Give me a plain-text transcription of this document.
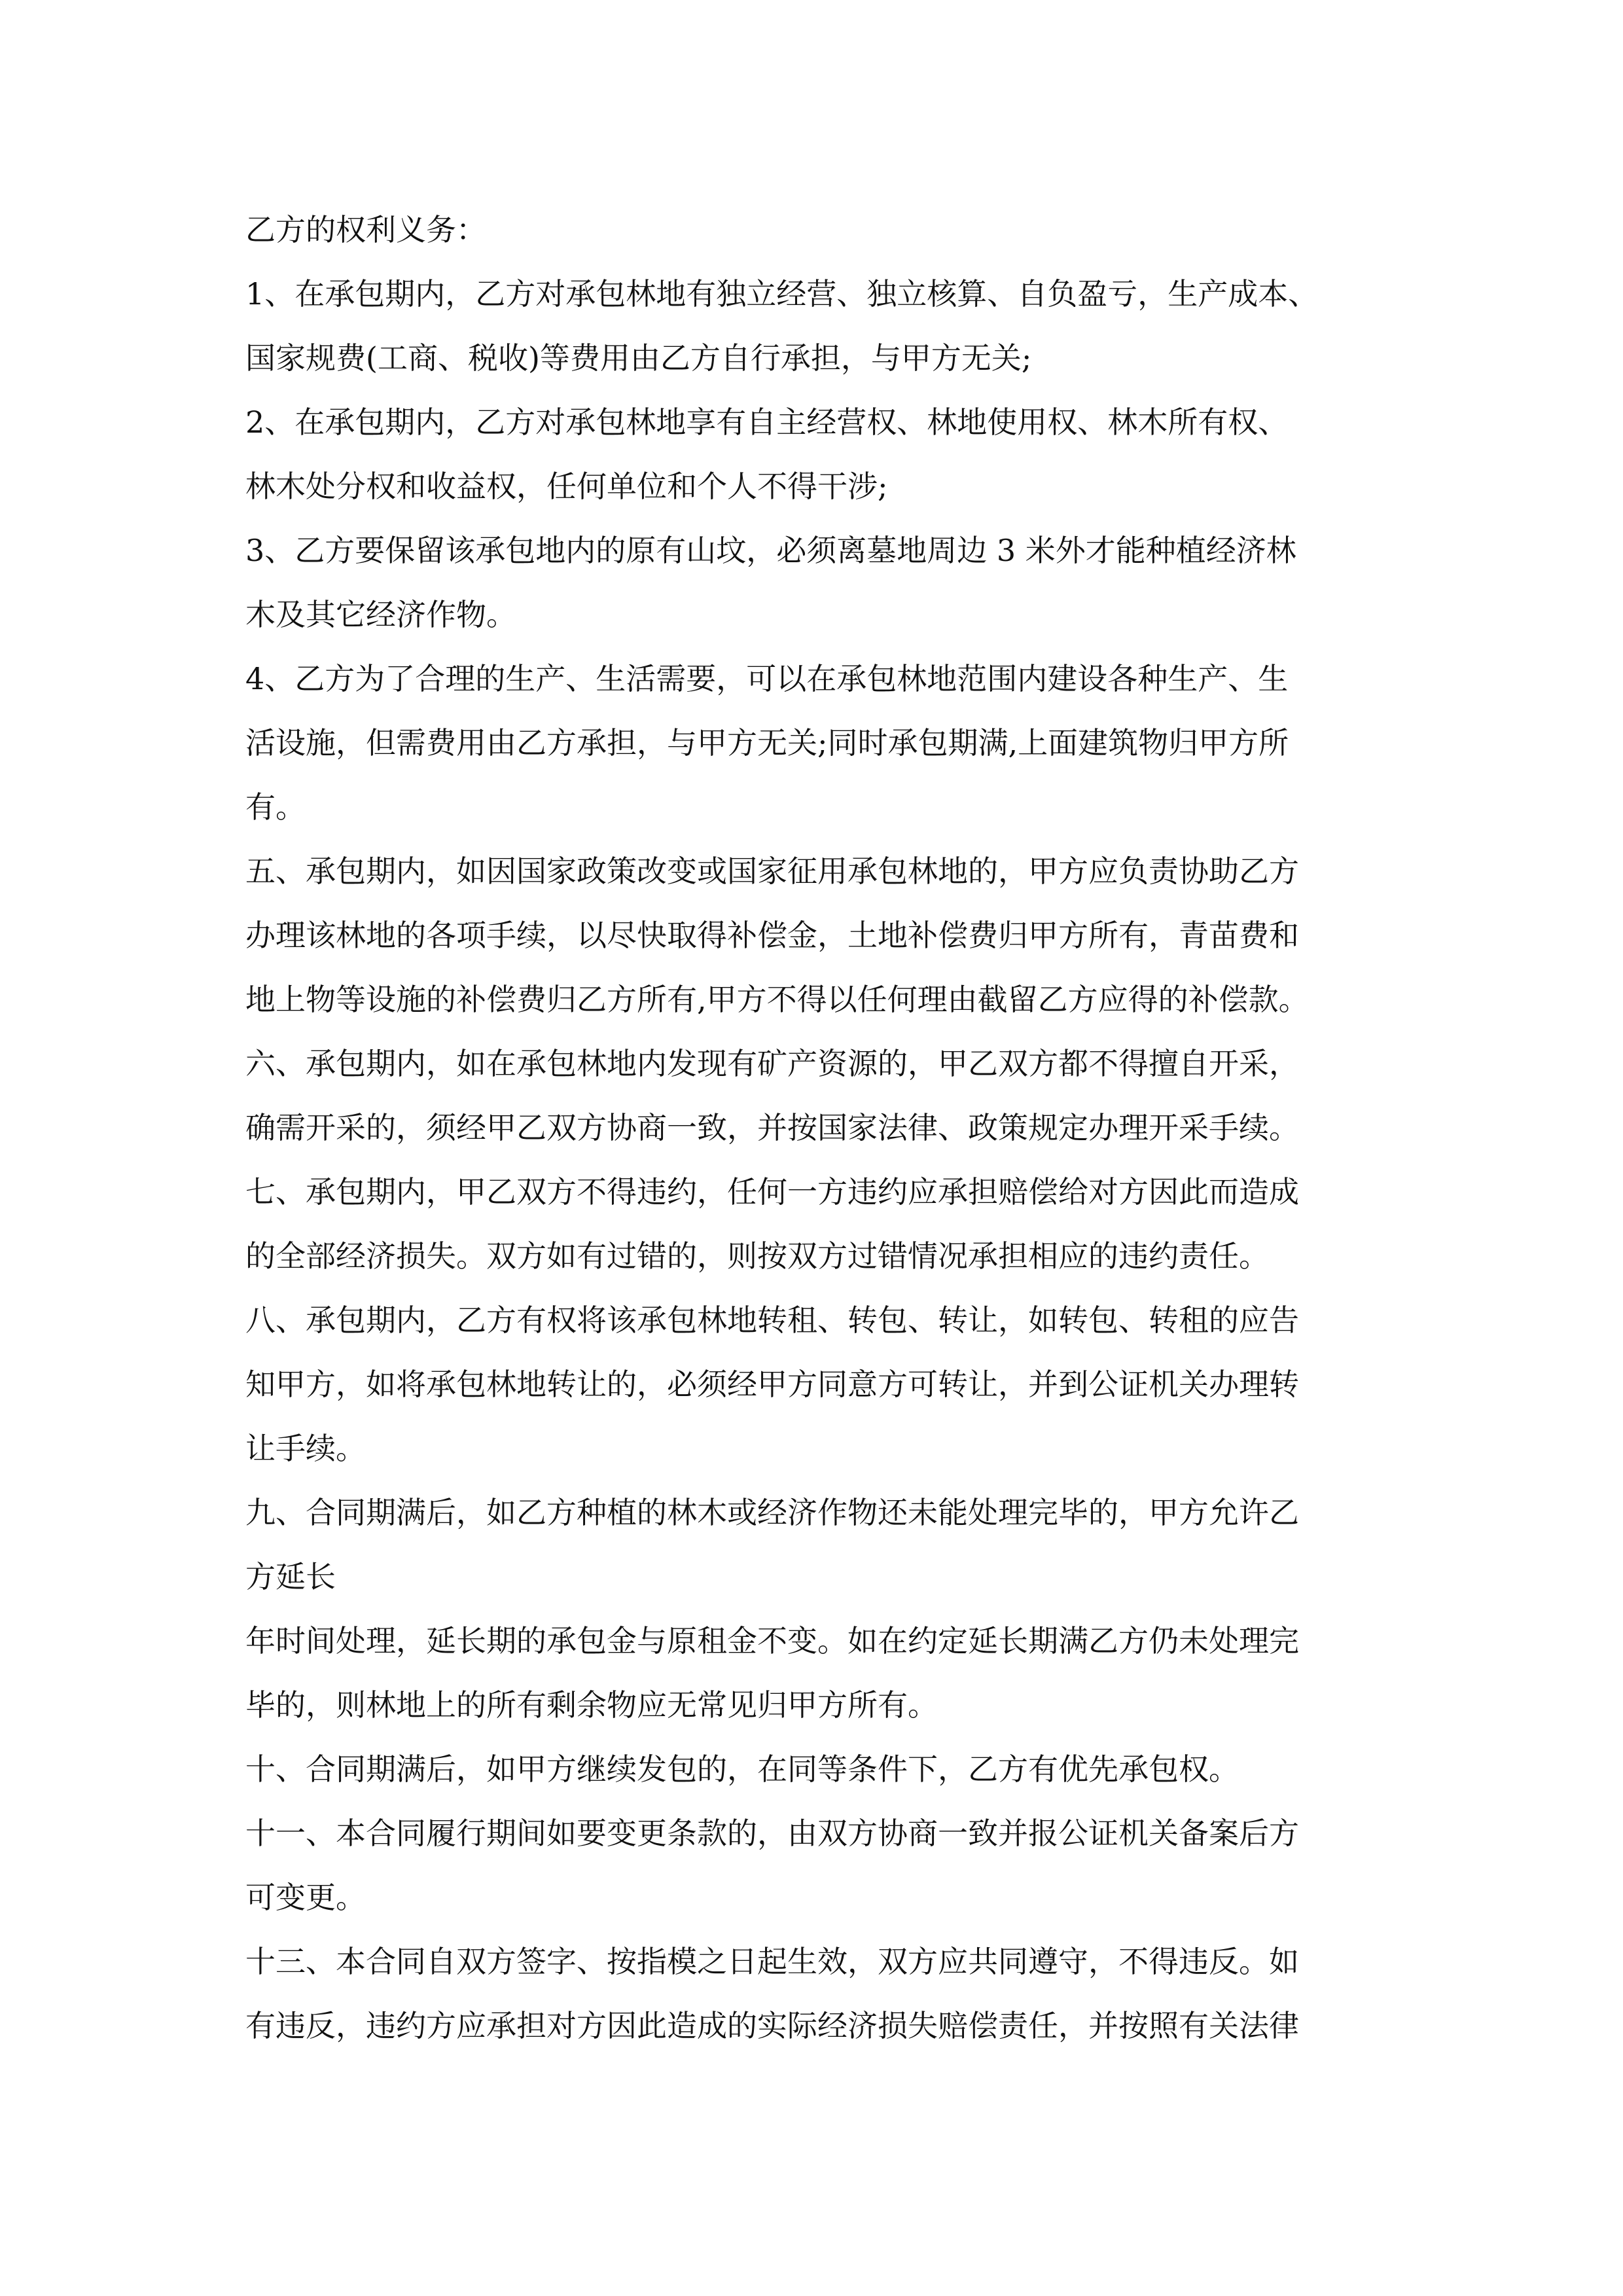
乙方的权利义务：
1、在承包期内，乙方对承包林地有独立经营、独立核算、自负盈亏，生产成本、
国家规费(工商、税收)等费用由乙方自行承担，与甲方无关;
2、在承包期内，乙方对承包林地享有自主经营权、林地使用权、林木所有权、
林木处分权和收益权，任何单位和个人不得干涉;
3、乙方要保留该承包地内的原有山坟，必须离墓地周边 3 米外才能种植经济林
木及其它经济作物。
4、乙方为了合理的生产、生活需要，可以在承包林地范围内建设各种生产、生
活设施，但需费用由乙方承担，与甲方无关;同时承包期满,上面建筑物归甲方所
有。
五、承包期内，如因国家政策改变或国家征用承包林地的，甲方应负责协助乙方
办理该林地的各项手续，以尽快取得补偿金，土地补偿费归甲方所有，青苗费和
地上物等设施的补偿费归乙方所有,甲方不得以任何理由截留乙方应得的补偿款。
六、承包期内，如在承包林地内发现有矿产资源的，甲乙双方都不得擅自开采，
确需开采的，须经甲乙双方协商一致，并按国家法律、政策规定办理开采手续。
七、承包期内，甲乙双方不得违约，任何一方违约应承担赔偿给对方因此而造成
的全部经济损失。双方如有过错的，则按双方过错情况承担相应的违约责任。
八、承包期内，乙方有权将该承包林地转租、转包、转让，如转包、转租的应告
知甲方，如将承包林地转让的，必须经甲方同意方可转让，并到公证机关办理转
让手续。
九、合同期满后，如乙方种植的林木或经济作物还未能处理完毕的，甲方允许乙
方延长
年时间处理，延长期的承包金与原租金不变。如在约定延长期满乙方仍未处理完
毕的，则林地上的所有剩余物应无常见归甲方所有。
十、合同期满后，如甲方继续发包的，在同等条件下，乙方有优先承包权。
十一、本合同履行期间如要变更条款的，由双方协商一致并报公证机关备案后方
可变更。
十三、本合同自双方签字、按指模之日起生效，双方应共同遵守，不得违反。如
有违反，违约方应承担对方因此造成的实际经济损失赔偿责任，并按照有关法律
